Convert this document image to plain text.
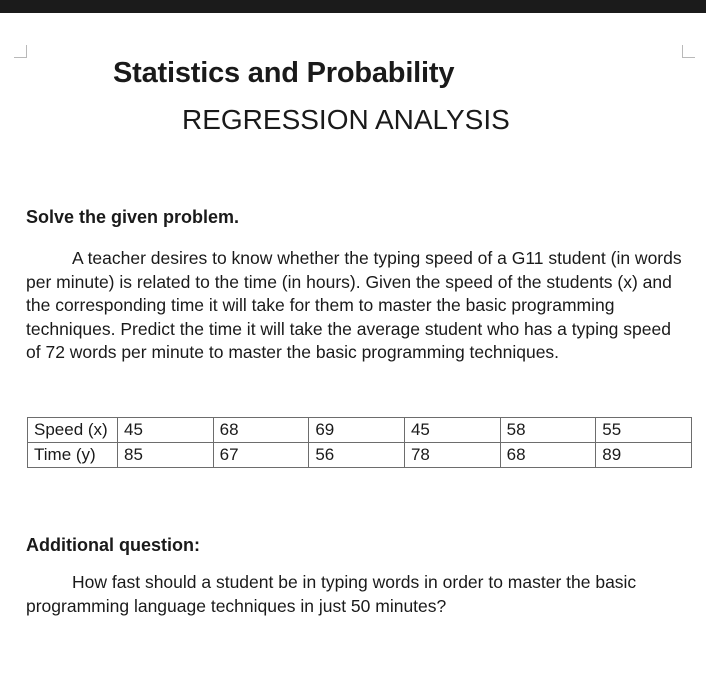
Statistics and Probability
REGRESSION ANALYSIS

Solve the given problem.

A teacher desires to know whether the typing speed of a G11 student (in words per minute) is related to the time (in hours). Given the speed of the students (x) and the corresponding time it will take for them to master the basic programming techniques. Predict the time it will take the average student who has a typing speed of 72 words per minute to master the basic programming techniques.

Speed (x)	45	68	69	45	58	55
Time (y)	85	67	56	78	68	89

Additional question:

How fast should a student be in typing words in order to master the basic programming language techniques in just 50 minutes?
